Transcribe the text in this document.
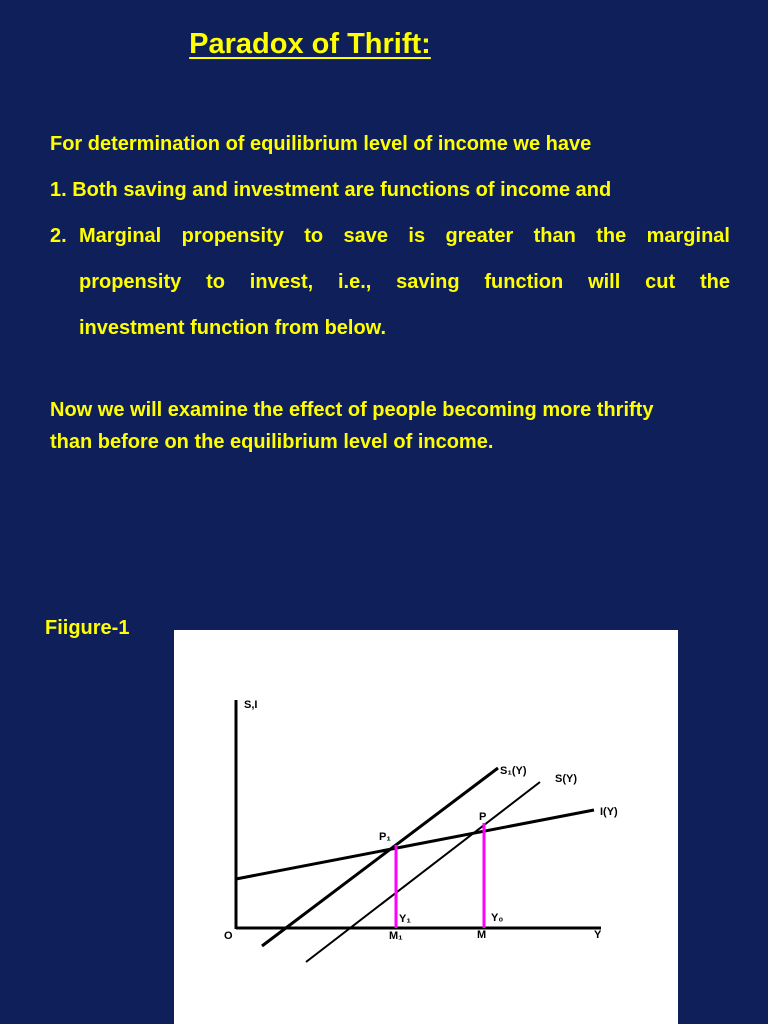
Paradox of Thrift:
For determination of equilibrium level of income we have
1. Both saving and investment are functions of income and
2. Marginal propensity to save is greater than the marginal
propensity to invest, i.e., saving function will cut the
investment function from below.
Now we will examine the effect of people becoming more thrifty
than before on the equilibrium level of income.
Fiigure-1
S,I
Y
O
I(Y)
S₁(Y)
S(Y)
P₁
P
Y₁	Y₀
M₁	M
